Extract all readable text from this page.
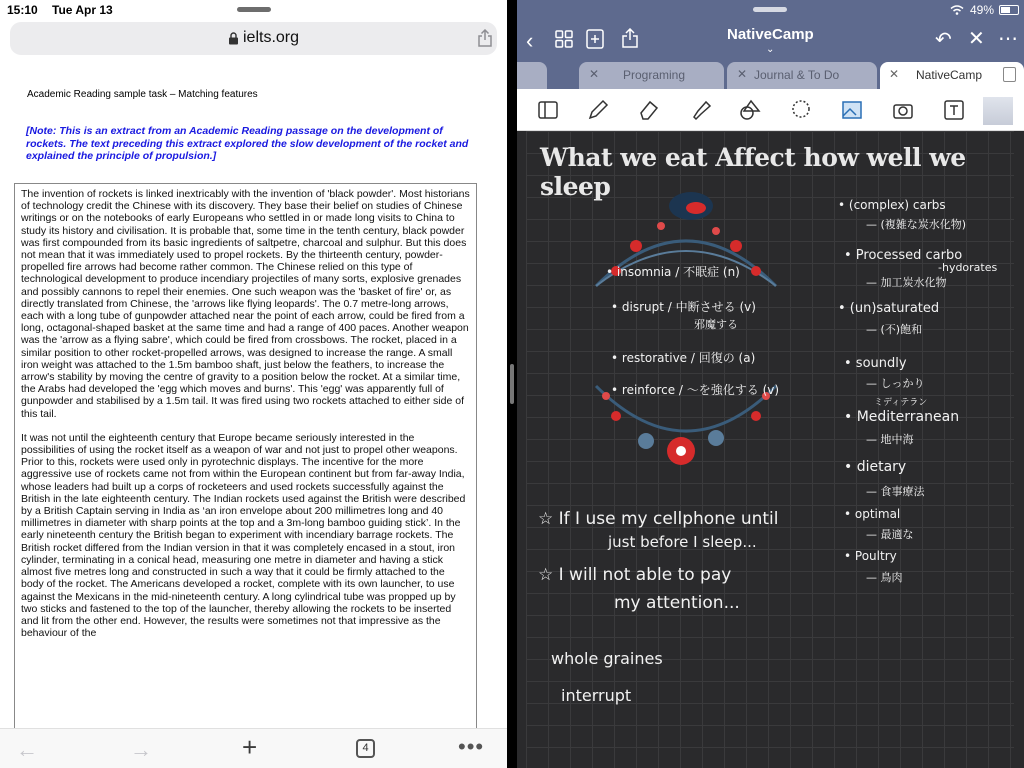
15:10 Tue Apr 13
ielts.org
Academic Reading sample task – Matching features
[Note: This is an extract from an Academic Reading passage on the development of rockets. The text preceding this extract explored the slow development of the rocket and explained the principle of propulsion.]

The invention of rockets is linked inextricably with the invention of 'black powder'. Most historians of technology credit the Chinese with its discovery. They base their belief on studies of Chinese writings or on the notebooks of early Europeans who settled in or made long visits to China to study its history and civilisation. It is probable that, some time in the tenth century, black powder was first compounded from its basic ingredients of saltpetre, charcoal and sulphur. But this does not mean that it was immediately used to propel rockets. By the thirteenth century, powder-propelled fire arrows had become rather common. The Chinese relied on this type of technological development to produce incendiary projectiles of many sorts, explosive grenades and possibly cannons to repel their enemies. One such weapon was the 'basket of fire' or, as directly translated from Chinese, the 'arrows like flying leopards'. The 0.7 metre-long arrows, each with a long tube of gunpowder attached near the point of each arrow, could be fired from a long, octagonal-shaped basket at the same time and had a range of 400 paces. Another weapon was the 'arrow as a flying sabre', which could be fired from crossbows. The rocket, placed in a similar position to other rocket-propelled arrows, was designed to increase the range. A small iron weight was attached to the 1.5m bamboo shaft, just below the feathers, to increase the arrow's stability by moving the centre of gravity to a position below the rocket. At a similar time, the Arabs had developed the 'egg which moves and burns'. This 'egg' was apparently full of gunpowder and stabilised by a 1.5m tail. It was fired using two rockets attached to either side of this tail.

It was not until the eighteenth century that Europe became seriously interested in the possibilities of using the rocket itself as a weapon of war and not just to propel other weapons. Prior to this, rockets were used only in pyrotechnic displays. The incentive for the more aggressive use of rockets came not from within the European continent but from far-away India, whose leaders had built up a corps of rocketeers and used rockets successfully against the British in the late eighteenth century. The Indian rockets used against the British were described by a British Captain serving in India as ‘an iron envelope about 200 millimetres long and 40 millimetres in diameter with sharp points at the top and a 3m-long bamboo guiding stick’. In the early nineteenth century the British began to experiment with incendiary barrage rockets. The British rocket differed from the Indian version in that it was completely encased in a stout, iron cylinder, terminating in a conical head, measuring one metre in diameter and having a stick almost five metres long and constructed in such a way that it could be firmly attached to the body of the rocket. The Americans developed a rocket, complete with its own launcher, to use against the Mexicans in the mid-nineteenth century. A long cylindrical tube was propped up by two sticks and fastened to the top of the launcher, thereby allowing the rockets to be inserted and lit from the other end. However, the results were sometimes not that impressive as the behaviour of the

←	→	+	4	•••
49%
‹	NativeCamp
⌄	↶ ✕ ⋯
✕ Programing	✕ Journal & To Do	✕ NativeCamp
What we eat Affect how well we sleep
• insomnia / 不眠症 (n)
• disrupt / 中断させる (v)
邪魔する
• restorative / 回復の (a)
• reinforce / 〜を強化する (v)
• (complex) carbs
— (複雑な炭水化物)
• Processed carbo
-hydorates
— 加工炭水化物
• (un)saturated
— (不)飽和
• soundly
— しっかり
ミディテラン
• Mediterranean
— 地中海
• dietary
— 食事療法
• optimal
— 最適な
• Poultry
— 鳥肉
☆ If I use my cellphone until
just before I sleep...
☆ I will not able to pay
my attention...
whole graines
interrupt
